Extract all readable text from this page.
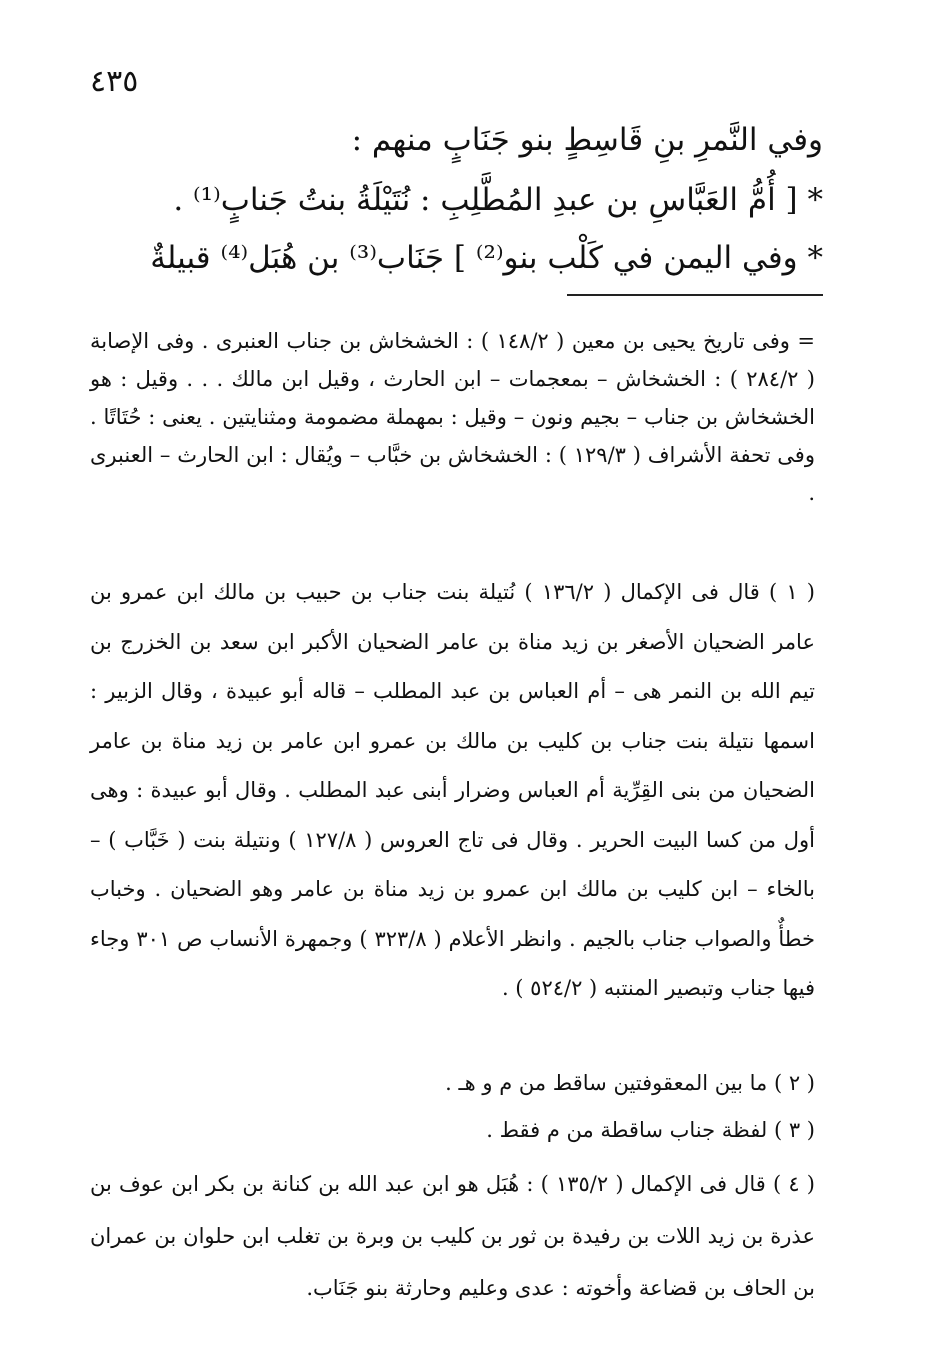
٤٣٥
وفي النَّمرِ بنِ قَاسِطٍ بنو جَنَابٍ منهم :
* [ أُمُّ العَبَّاسِ بن عبدِ المُطَّلِبِ : نُتَيْلَةُ بنتُ جَنابٍ⁽¹⁾ .
* وفي اليمن في كَلْب بنو⁽²⁾ ] جَنَاب⁽³⁾ بن هُبَل⁽⁴⁾ قبيلةٌ

= وفى تاريخ يحيى بن معين ( ١٤٨/٢ ) : الخشخاش بن جناب العنبرى . وفى الإصابة ( ٢٨٤/٢ ) : الخشخاش – بمعجمات – ابن الحارث ، وقيل ابن مالك . . . وقيل : هو الخشخاش بن جناب – بجيم ونون – وقيل : بمهملة مضمومة ومثنايتين . يعنى : حُتَاتًا . وفى تحفة الأشراف ( ١٢٩/٣ ) : الخشخاش بن خبَّاب – ويُقال : ابن الحارث – العنبرى .

( ١ ) قال فى الإكمال ( ١٣٦/٢ ) نُتيلة بنت جناب بن حبيب بن مالك ابن عمرو بن عامر الضحيان الأصغر بن زيد مناة بن عامر الضحيان الأكبر ابن سعد بن الخزرج بن تيم الله بن النمر هى – أم العباس بن عبد المطلب – قاله أبو عبيدة ، وقال الزبير : اسمها نتيلة بنت جناب بن كليب بن مالك بن عمرو ابن عامر بن زيد مناة بن عامر الضحيان من بنى القِرِّية أم العباس وضرار أبنى عبد المطلب . وقال أبو عبيدة : وهى أول من كسا البيت الحرير . وقال فى تاج العروس ( ١٢٧/٨ ) ونتيلة بنت ( خَبَّاب ) – بالخاء – ابن كليب بن مالك ابن عمرو بن زيد مناة بن عامر وهو الضحيان . وخباب خطأٌ والصواب جناب بالجيم . وانظر الأعلام ( ٣٢٣/٨ ) وجمهرة الأنساب ص ٣٠١ وجاء فيها جناب وتبصير المنتبه ( ٥٢٤/٢ ) .

( ٢ ) ما بين المعقوفتين ساقط من م و هـ .

( ٣ ) لفظة جناب ساقطة من م فقط .

( ٤ ) قال فى الإكمال ( ١٣٥/٢ ) : هُبَل هو ابن عبد الله بن كنانة بن بكر ابن عوف بن عذرة بن زيد اللات بن رفيدة بن ثور بن كليب بن وبرة بن تغلب ابن حلوان بن عمران بن الحاف بن قضاعة وأخوته : عدى وعليم وحارثة بنو جَنَاب.
